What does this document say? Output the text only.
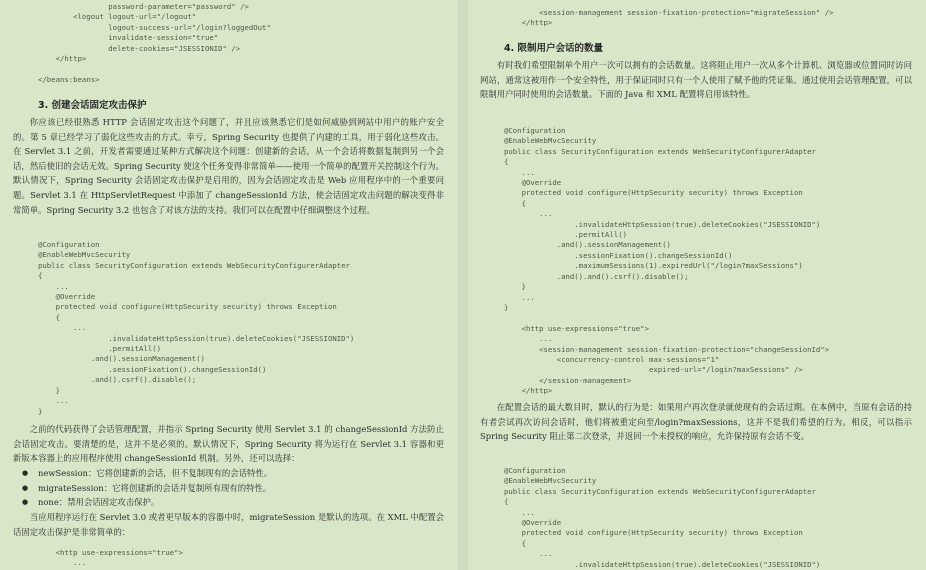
password-parameter="password" />
<logout logout-url="/logout"
logout-success-url="/login?loggedOut"
invalidate-session="true"
delete-cookies="JSESSIONID" />
</http>

</beans:beans>

3. 创建会话固定攻击保护

你应该已经很熟悉 HTTP 会话固定攻击这个问题了，并且应该熟悉它们是如何威胁到网站中用户的账户安全的。第 5 章已经学习了弱化这些攻击的方式。幸亏，Spring Security 也提供了内建的工具，用于弱化这些攻击。在 Servlet 3.1 之前，开发者需要通过某种方式解决这个问题：创建新的会话，从一个会话将数据复制到另一个会话，然后使旧的会话无效。Spring Security 使这个任务变得非常简单——使用一个简单的配置开关控制这个行为。默认情况下，Spring Security 会话固定攻击保护是启用的，因为会话固定攻击是 Web 应用程序中的一个重要问题。Servlet 3.1 在 HttpServletRequest 中添加了 changeSessionId 方法，使会话固定攻击问题的解决变得非常简单。Spring Security 3.2 也包含了对该方法的支持。我们可以在配置中仔细调整这个过程。

@Configuration
@EnableWebMvcSecurity
public class SecurityConfiguration extends WebSecurityConfigurerAdapter
{
...
@Override
protected void configure(HttpSecurity security) throws Exception
{
...
.invalidateHttpSession(true).deleteCookies("JSESSIONID")
.permitAll()
.and().sessionManagement()
.sessionFixation().changeSessionId()
.and().csrf().disable();
}
...
}

之前的代码获得了会话管理配置，并指示 Spring Security 使用 Servlet 3.1 的 changeSessionId 方法防止会话固定攻击。要清楚的是，这并不是必须的。默认情况下，Spring Security 将为运行在 Servlet 3.1 容器和更新版本容器上的应用程序使用 changeSessionId 机制。另外，还可以选择：

● newSession：它将创建新的会话，但不复制现有的会话特性。
● migrateSession：它将创建新的会话并复制所有现有的特性。
● none：禁用会话固定攻击保护。

当应用程序运行在 Servlet 3.0 或者更早版本的容器中时，migrateSession 是默认的选项。在 XML 中配置会话固定攻击保护是非常简单的：

<http use-expressions="true">
...
<session-management session-fixation-protection="migrateSession" />
</http>

4. 限制用户会话的数量

有时我们希望限制单个用户一次可以拥有的会话数量。这将阻止用户一次从多个计算机、浏览器或位置同时访问网站，通常这被用作一个安全特性，用于保证同时只有一个人使用了赋予他的凭证集。通过使用会话管理配置，可以限制用户同时使用的会话数量。下面的 Java 和 XML 配置将启用该特性。

@Configuration
@EnableWebMvcSecurity
public class SecurityConfiguration extends WebSecurityConfigurerAdapter
{
...
@Override
protected void configure(HttpSecurity security) throws Exception
{
...
.invalidateHttpSession(true).deleteCookies("JSESSIONID")
.permitAll()
.and().sessionManagement()
.sessionFixation().changeSessionId()
.maximumSessions(1).expiredUrl("/login?maxSessions")
.and().and().csrf().disable();
}
...
}

<http use-expressions="true">
...
<session-management session-fixation-protection="changeSessionId">
<concurrency-control max-sessions="1"
expired-url="/login?maxSessions" />
</session-management>
</http>

在配置会话的最大数目时，默认的行为是：如果用户再次登录就使现有的会话过期。在本例中，当原有会话的持有者尝试再次访问会话时，他们将被重定向至/login?maxSessions，这并不是我们希望的行为。相反，可以指示 Spring Security 阻止第二次登录，并返回一个未授权的响应，允许保持原有会话不变。

@Configuration
@EnableWebMvcSecurity
public class SecurityConfiguration extends WebSecurityConfigurerAdapter
{
...
@Override
protected void configure(HttpSecurity security) throws Exception
{
...
.invalidateHttpSession(true).deleteCookies("JSESSIONID")
